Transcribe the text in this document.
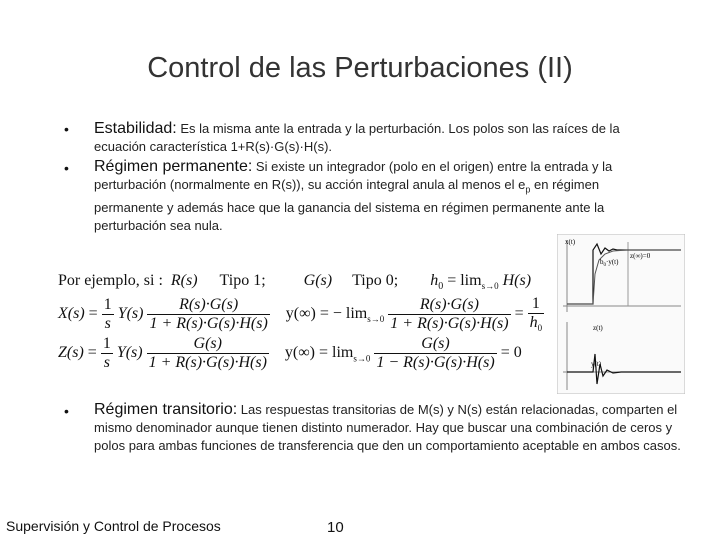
Control de las Perturbaciones (II)
• Estabilidad: Es la misma ante la entrada y la perturbación. Los polos son las raíces de la ecuación característica 1+R(s)·G(s)·H(s).
• Régimen permanente: Si existe un integrador (polo en el origen) entre la entrada y la perturbación (normalmente en R(s)), su acción integral anula al menos el $e_p$ en régimen permanente y además hace que la ganancia del sistema en régimen permanente ante la perturbación sea nula.
Por ejemplo, si : R(s) Tipo 1; G(s) Tipo 0; $h_0 = \lim_{s\to 0} H(s)$
$X(s) = \frac{1}{s} Y(s) \frac{R(s)\cdot G(s)}{1 + R(s)\cdot G(s)\cdot H(s)} y(\infty)$ = − $\lim_{s\to 0} \frac{R(s)\cdot G(s)}{1 + R(s)\cdot G(s)\cdot H(s)} = \frac{1}{h_0}$
$Z(s) = \frac{1}{s} Y(s) \frac{G(s)}{1 + R(s)\cdot G(s)\cdot H(s)} y(\infty) = \lim_{s\to 0} \frac{G(s)}{1 - R(s)\cdot G(s)\cdot H(s)} = 0$
x(t)
$b_0\cdot y(t)$
z(∞)=0
z(t)
y(t)
• Régimen transitorio: Las respuestas transitorias de M(s) y N(s) están relacionadas, comparten el mismo denominador aunque tienen distinto numerador. Hay que buscar una combinación de ceros y polos para ambas funciones de transferencia que den un comportamiento aceptable en ambos casos.
Supervisión y Control de Procesos	10
